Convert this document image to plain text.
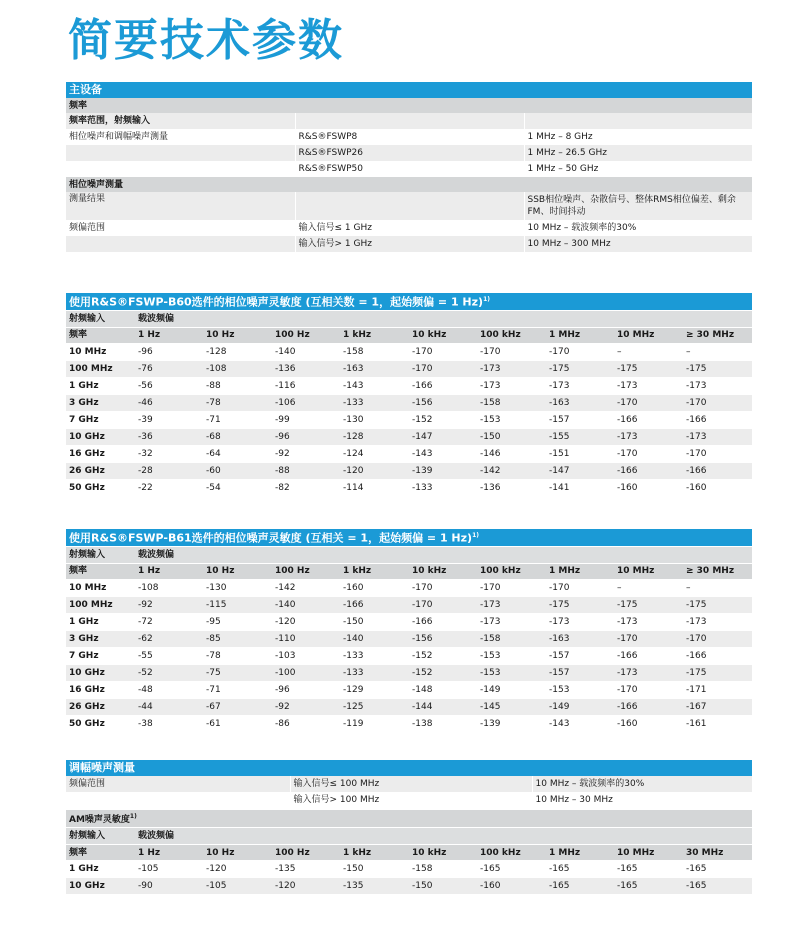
简要技术参数
主设备		
频率		
频率范围，射频输入		
相位噪声和调幅噪声测量	R&S®FSWP8	1 MHz – 8 GHz
	R&S®FSWP26	1 MHz – 26.5 GHz
	R&S®FSWP50	1 MHz – 50 GHz
相位噪声测量		
测量结果		SSB相位噪声、杂散信号、整体RMS相位偏差、剩余FM、时间抖动
频偏范围	输入信号≤ 1 GHz	10 MHz – 载波频率的30%
	输入信号> 1 GHz	10 MHz – 300 MHz
使用R&S®FSWP-B60选件的相位噪声灵敏度 (互相关数 = 1，起始频偏 = 1 Hz)$^{1)}$
射频输入	载波频偏								
频率	1 Hz	10 Hz	100 Hz	1 kHz	10 kHz	100 kHz	1 MHz	10 MHz	≥ 30 MHz
10 MHz	-96	-128	-140	-158	-170	-170	-170	–	–
100 MHz	-76	-108	-136	-163	-170	-173	-175	-175	-175
1 GHz	-56	-88	-116	-143	-166	-173	-173	-173	-173
3 GHz	-46	-78	-106	-133	-156	-158	-163	-170	-170
7 GHz	-39	-71	-99	-130	-152	-153	-157	-166	-166
10 GHz	-36	-68	-96	-128	-147	-150	-155	-173	-173
16 GHz	-32	-64	-92	-124	-143	-146	-151	-170	-170
26 GHz	-28	-60	-88	-120	-139	-142	-147	-166	-166
50 GHz	-22	-54	-82	-114	-133	-136	-141	-160	-160
使用R&S®FSWP-B61选件的相位噪声灵敏度 (互相关 = 1，起始频偏 = 1 Hz)$^{1)}$
射频输入	载波频偏								
频率	1 Hz	10 Hz	100 Hz	1 kHz	10 kHz	100 kHz	1 MHz	10 MHz	≥ 30 MHz
10 MHz	-108	-130	-142	-160	-170	-170	-170	–	–
100 MHz	-92	-115	-140	-166	-170	-173	-175	-175	-175
1 GHz	-72	-95	-120	-150	-166	-173	-173	-173	-173
3 GHz	-62	-85	-110	-140	-156	-158	-163	-170	-170
7 GHz	-55	-78	-103	-133	-152	-153	-157	-166	-166
10 GHz	-52	-75	-100	-133	-152	-153	-157	-173	-175
16 GHz	-48	-71	-96	-129	-148	-149	-153	-170	-171
26 GHz	-44	-67	-92	-125	-144	-145	-149	-166	-167
50 GHz	-38	-61	-86	-119	-138	-139	-143	-160	-161
调幅噪声测量		
频偏范围	输入信号≤ 100 MHz	10 MHz – 载波频率的30%
	输入信号> 100 MHz	10 MHz – 30 MHz
AM噪声灵敏度$^{1)}$
射频输入	载波频偏								
频率	1 Hz	10 Hz	100 Hz	1 kHz	10 kHz	100 kHz	1 MHz	10 MHz	30 MHz
1 GHz	-105	-120	-135	-150	-158	-165	-165	-165	-165
10 GHz	-90	-105	-120	-135	-150	-160	-165	-165	-165
